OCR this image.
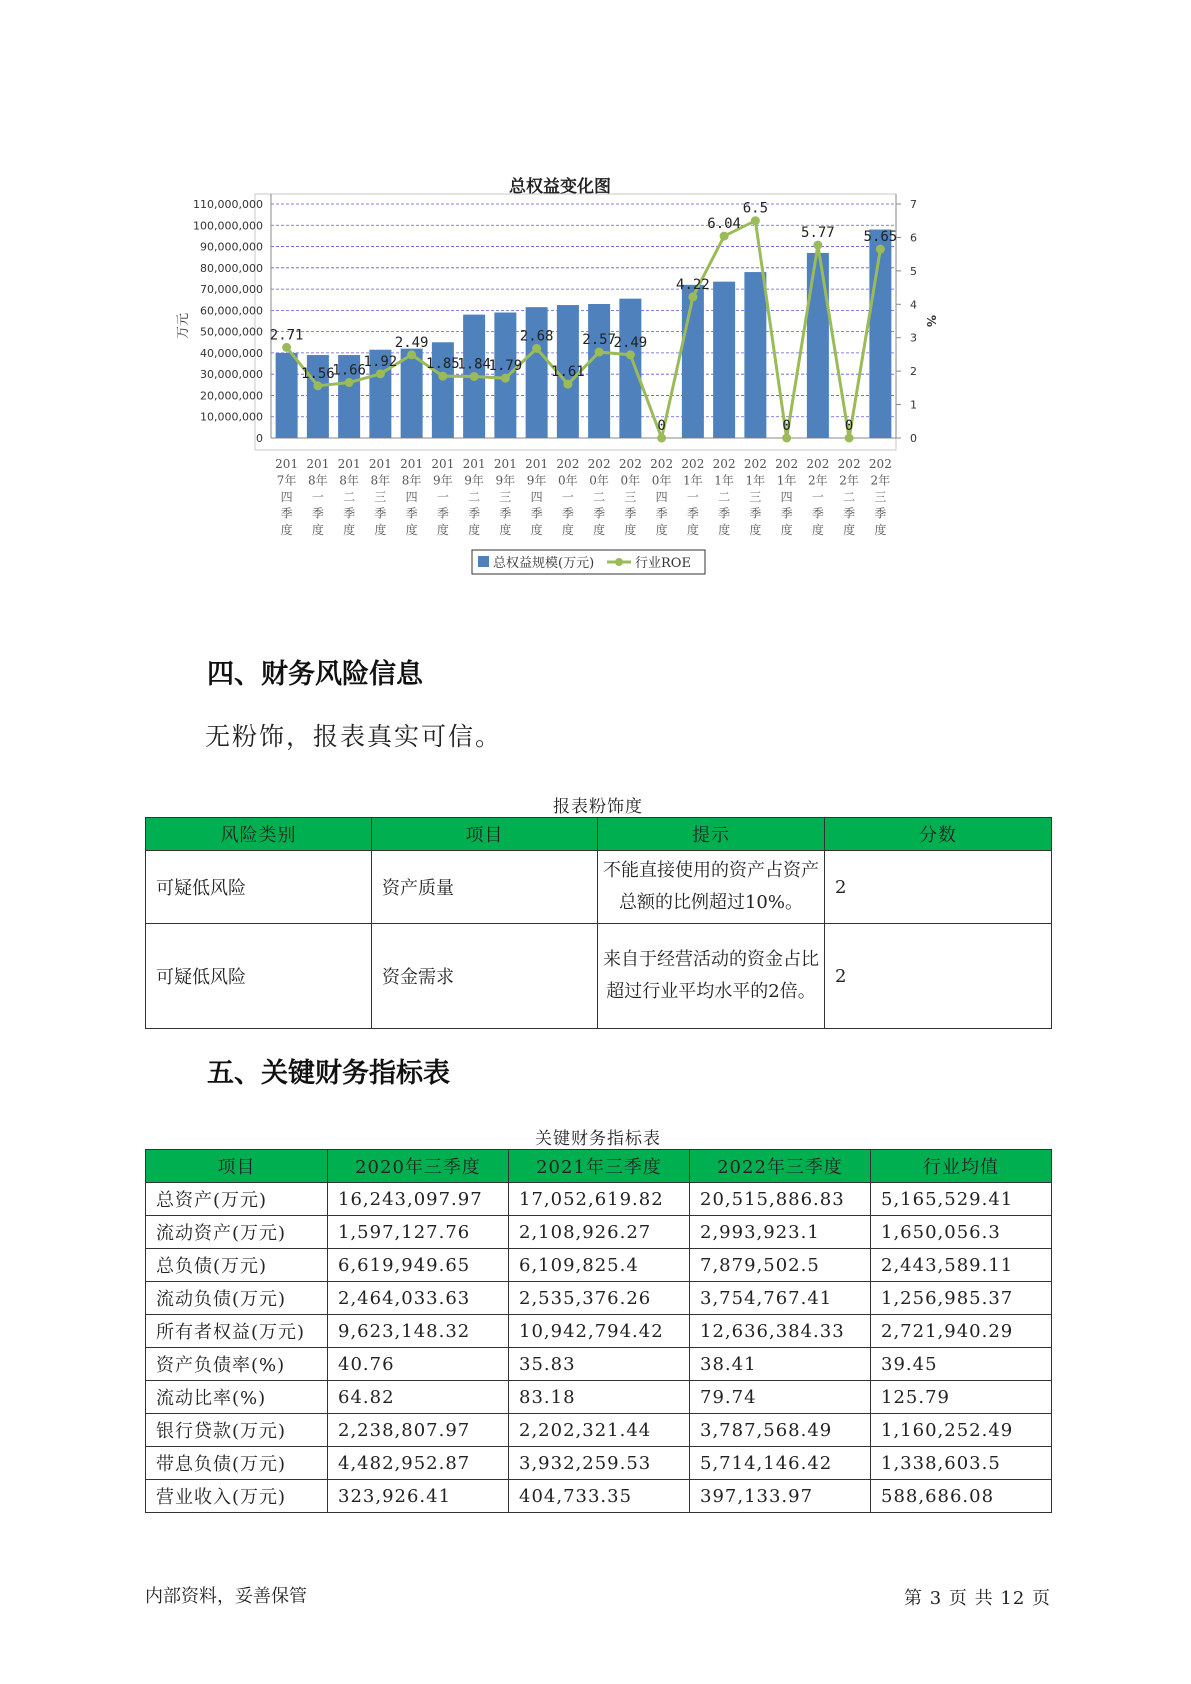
总权益变化图
0
10,000,000
20,000,000
30,000,000
40,000,000
50,000,000
60,000,000
70,000,000
80,000,000
90,000,000
100,000,000
110,000,000
0
1
2
3
4
5
6
7
万元	%
201
7年
四
季
度
201
8年
一
季
度
201
8年
二
季
度
201
8年
三
季
度
201
8年
四
季
度
201
9年
一
季
度
201
9年
二
季
度
201
9年
三
季
度
201
9年
四
季
度
202
0年
一
季
度
202
0年
二
季
度
202
0年
三
季
度
202
0年
四
季
度
202
1年
一
季
度
202
1年
二
季
度
202
1年
三
季
度
202
1年
四
季
度
202
2年
一
季
度
202
2年
二
季
度
202
2年
三
季
度
2.71
1.56
1.66
1.92
2.49
1.85
1.84
1.79
2.68
1.61
2.57
2.49
0
4.22
6.04
6.5
0
5.77
0
5.65
总权益规模(万元)	行业ROE
四、财务风险信息
无粉饰，报表真实可信。
报表粉饰度
风险类别	项目	提示	分数
可疑低风险	资产质量	不能直接使用的资产占资产总额的比例超过10%。	2
可疑低风险	资金需求	来自于经营活动的资金占比超过行业平均水平的2倍。	2
五、关键财务指标表
关键财务指标表
项目	2020年三季度	2021年三季度	2022年三季度	行业均值
总资产(万元)	16,243,097.97	17,052,619.82	20,515,886.83	5,165,529.41
流动资产(万元)	1,597,127.76	2,108,926.27	2,993,923.1	1,650,056.3
总负债(万元)	6,619,949.65	6,109,825.4	7,879,502.5	2,443,589.11
流动负债(万元)	2,464,033.63	2,535,376.26	3,754,767.41	1,256,985.37
所有者权益(万元)	9,623,148.32	10,942,794.42	12,636,384.33	2,721,940.29
资产负债率(%)	40.76	35.83	38.41	39.45
流动比率(%)	64.82	83.18	79.74	125.79
银行贷款(万元)	2,238,807.97	2,202,321.44	3,787,568.49	1,160,252.49
带息负债(万元)	4,482,952.87	3,932,259.53	5,714,146.42	1,338,603.5
营业收入(万元)	323,926.41	404,733.35	397,133.97	588,686.08
内部资料，妥善保管	第 3 页 共 12 页
